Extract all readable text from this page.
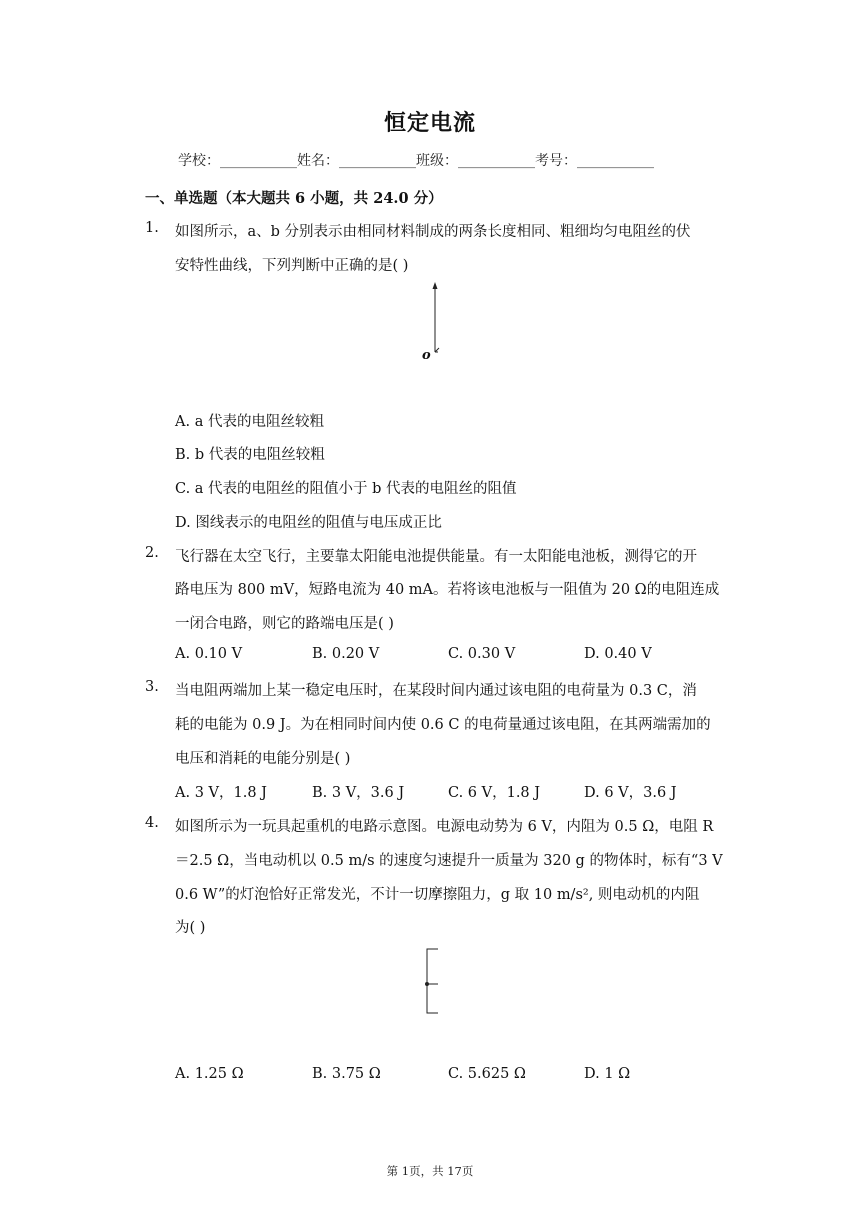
恒定电流
学校：___________姓名：___________班级：___________考号：___________
一、单选题（本大题共 6 小题，共 24.0 分）
1. 如图所示，a、b 分别表示由相同材料制成的两条长度相同、粗细均匀电阻丝的伏
安特性曲线，下列判断中正确的是( )
o
A. a 代表的电阻丝较粗
B. b 代表的电阻丝较粗
C. a 代表的电阻丝的阻值小于 b 代表的电阻丝的阻值
D. 图线表示的电阻丝的阻值与电压成正比
2. 飞行器在太空飞行，主要靠太阳能电池提供能量。有一太阳能电池板，测得它的开
路电压为 800 mV，短路电流为 40 mA。若将该电池板与一阻值为 20 Ω的电阻连成
一闭合电路，则它的路端电压是( )
A. 0.10 V	B. 0.20 V	C. 0.30 V	D. 0.40 V
3. 当电阻两端加上某一稳定电压时，在某段时间内通过该电阻的电荷量为 0.3 C，消
耗的电能为 0.9 J。为在相同时间内使 0.6 C 的电荷量通过该电阻，在其两端需加的
电压和消耗的电能分别是( )
A. 3 V，1.8 J	B. 3 V，3.6 J	C. 6 V，1.8 J	D. 6 V，3.6 J
4. 如图所示为一玩具起重机的电路示意图。电源电动势为 6 V，内阻为 0.5 Ω，电阻 R
＝2.5 Ω，当电动机以 0.5 m/s 的速度匀速提升一质量为 320 g 的物体时，标有“3 V
0.6 W”的灯泡恰好正常发光，不计一切摩擦阻力，g 取 10 m/s², 则电动机的内阻
为( )
A. 1.25 Ω	B. 3.75 Ω	C. 5.625 Ω	D. 1 Ω
第 1页，共 17页
